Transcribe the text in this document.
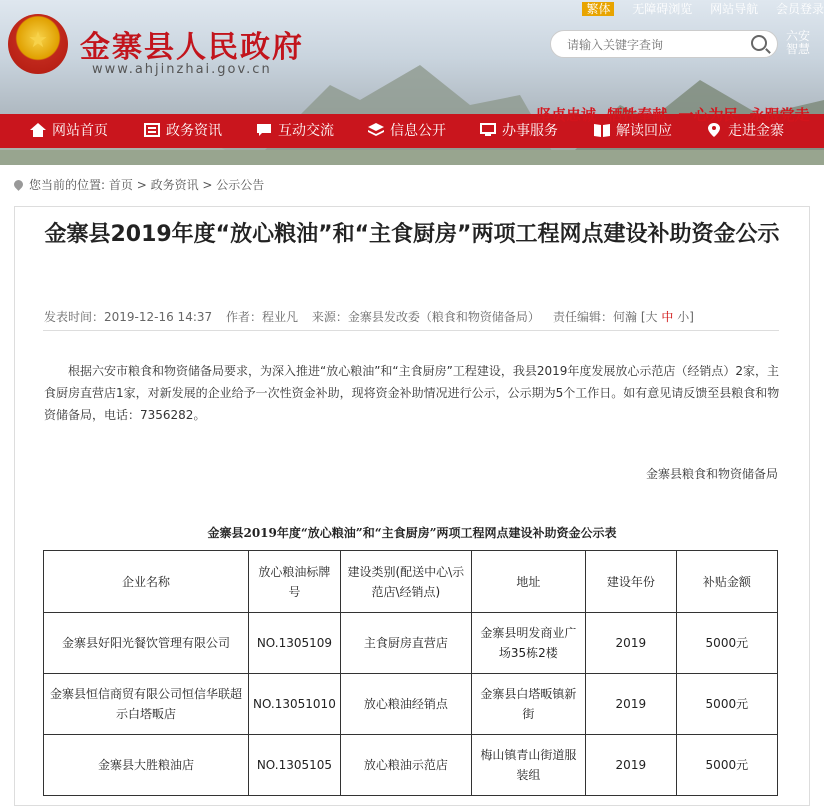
繁体 无障碍浏览 网站导航 会员登录
★	金寨县人民政府
www.ahjinzhai.gov.cn
请输入关键字查询
六安
智慧
网站首页	政务资讯	互动交流	信息公开	办事服务	解读回应	走进金寨
坚贞忠诚 牺牲奉献 一心为民 永跟党走
您当前的位置: 首页 > 政务资讯 > 公示公告
金寨县2019年度“放心粮油”和“主食厨房”两项工程网点建设补助资金公示
发表时间：2019-12-16 14:37 作者：程业凡 来源：金寨县发改委（粮食和物资储备局）	责任编辑：何瀚 [大 中 小]
根据六安市粮食和物资储备局要求，为深入推进“放心粮油”和“主食厨房”工程建设，我县2019年度发展放心示范店（经销点）2家，主食厨房直营店1家，对新发展的企业给予一次性资金补助，现将资金补助情况进行公示，公示期为5个工作日。如有意见请反馈至县粮食和物资储备局，电话：7356282。
金寨县粮食和物资储备局
金寨县2019年度“放心粮油”和“主食厨房”两项工程网点建设补助资金公示表
企业名称	放心粮油标牌号	建设类别(配送中心\示范店\经销点)	地址	建设年份	补贴金额
金寨县好阳光餐饮管理有限公司	NO.1305109	主食厨房直营店	金寨县明发商业广场35栋2楼	2019	5000元
金寨县恒信商贸有限公司恒信华联超示白塔畈店	NO.13051010	放心粮油经销点	金寨县白塔畈镇新街	2019	5000元
金寨县大胜粮油店	NO.1305105	放心粮油示范店	梅山镇青山街道服装组	2019	5000元
